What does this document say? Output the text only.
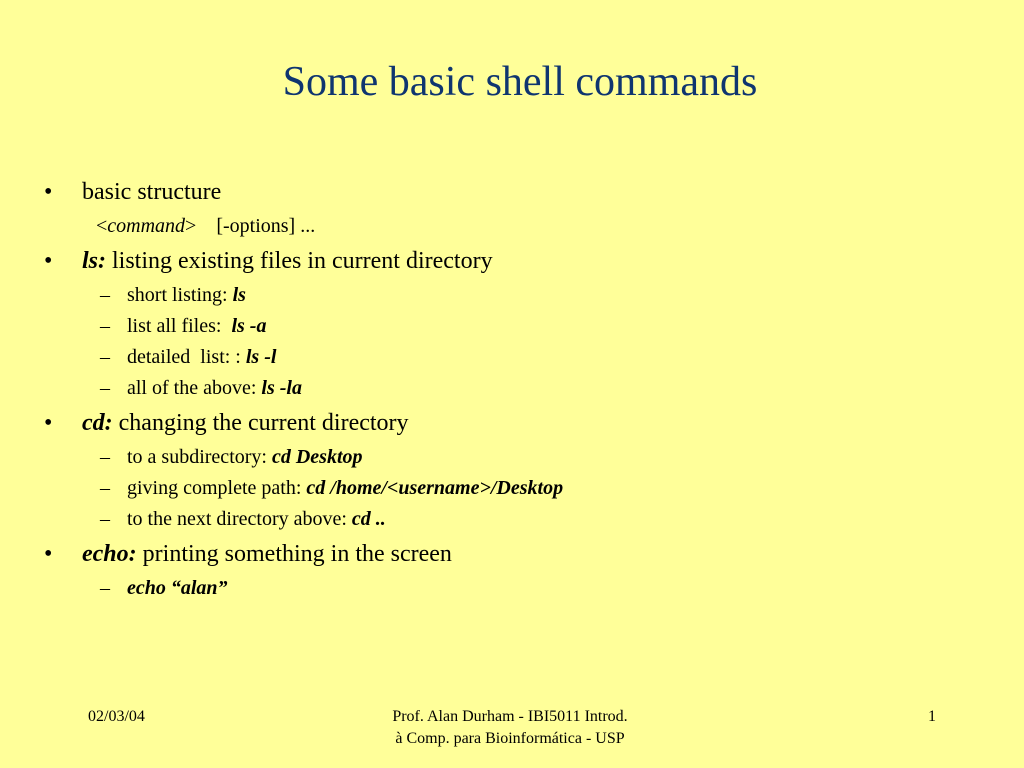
Some basic shell commands
• basic structure
<command> [-options] ...
• ls: listing existing files in current directory
– short listing: ls
– list all files:  ls -a
– detailed  list: : ls -l
– all of the above: ls -la
• cd: changing the current directory
– to a subdirectory: cd Desktop
– giving complete path: cd /home/<username>/Desktop
– to the next directory above: cd ..
• echo: printing something in the screen
– echo “alan”
02/03/04	Prof. Alan Durham - IBI5011 Introd.
à Comp. para Bioinformática - USP
1
